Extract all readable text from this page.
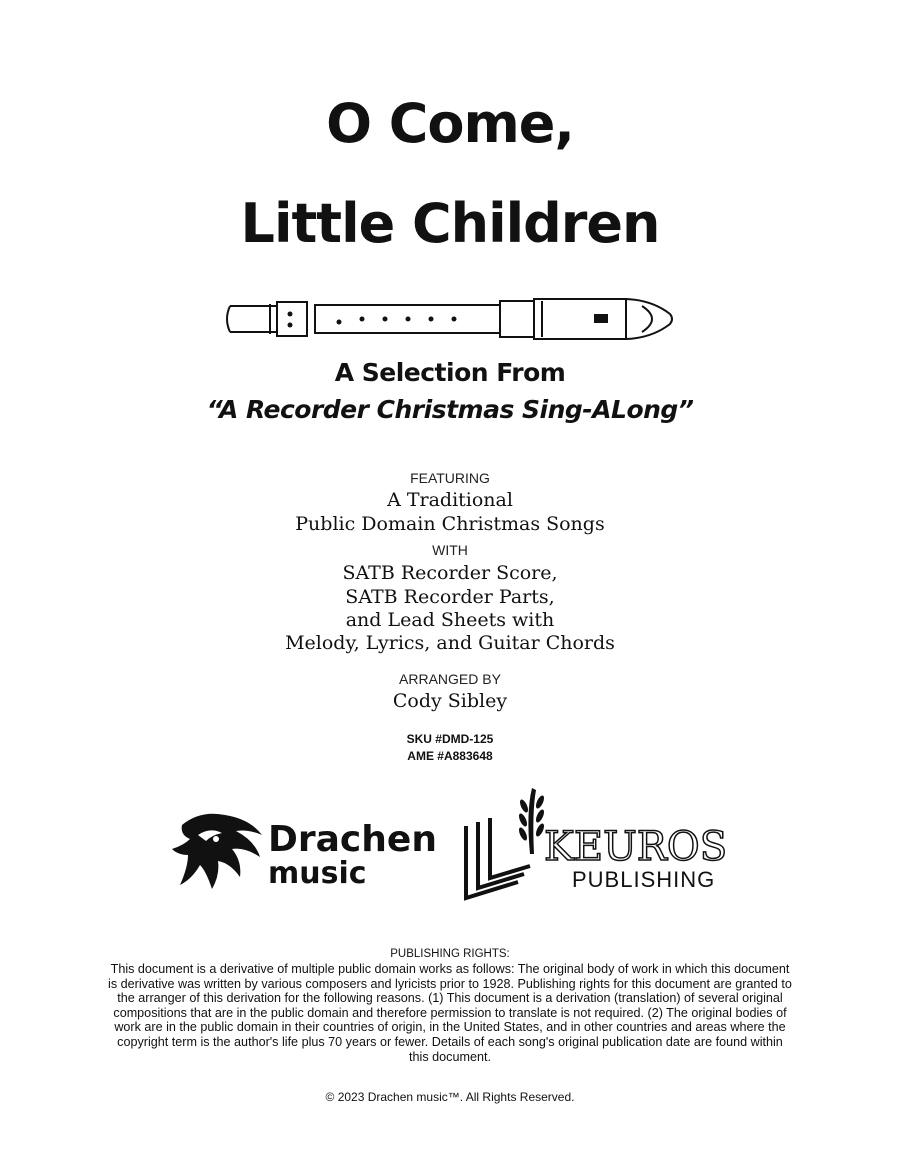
O Come,
Little Children
A Selection From
“A Recorder Christmas Sing-ALong”
FEATURING
A Traditional
Public Domain Christmas Songs
WITH
SATB Recorder Score,
SATB Recorder Parts,
and Lead Sheets with
Melody, Lyrics, and Guitar Chords
ARRANGED BY
Cody Sibley
SKU #DMD-125
AME #A883648
Drachen
music
KEUROS
PUBLISHING
PUBLISHING RIGHTS:
This document is a derivative of multiple public domain works as follows: The original body of work in which this document is derivative was written by various composers and lyricists prior to 1928. Publishing rights for this document are granted to the arranger of this derivation for the following reasons. (1) This document is a derivation (translation) of several original compositions that are in the public domain and therefore permission to translate is not required. (2) The original bodies of work are in the public domain in their countries of origin, in the United States, and in other countries and areas where the copyright term is the author's life plus 70 years or fewer. Details of each song's original publication date are found within this document.
© 2023 Drachen music™. All Rights Reserved.
